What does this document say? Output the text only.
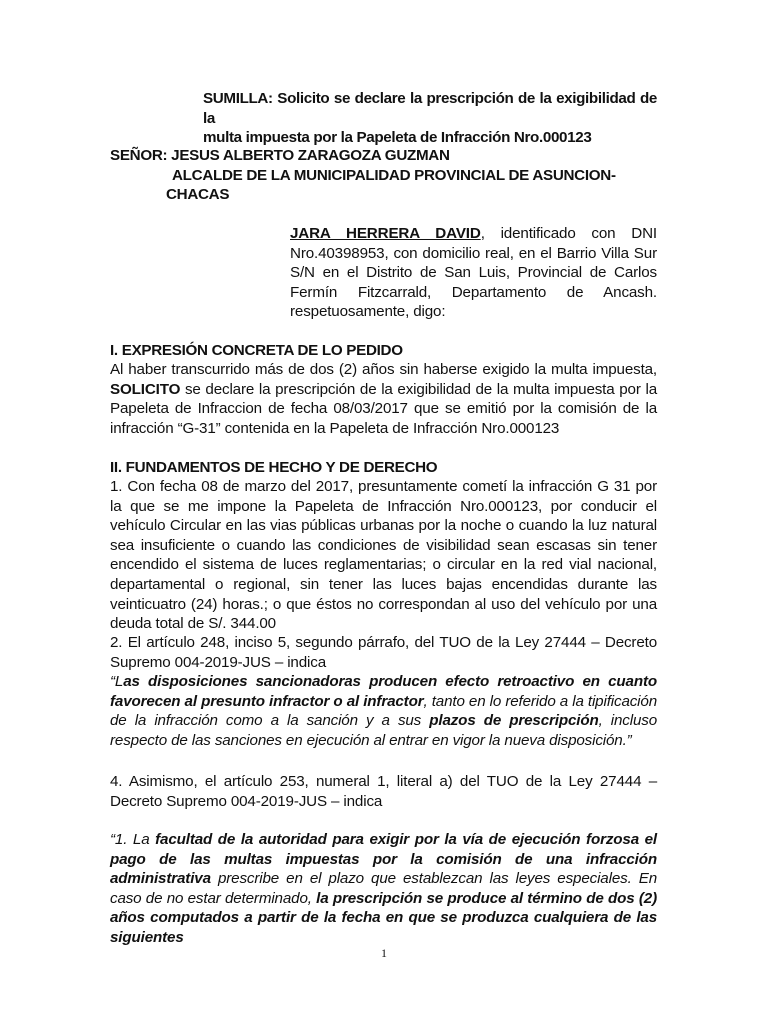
SUMILLA: Solicito se declare la prescripción de la exigibilidad de la
multa impuesta por la Papeleta de Infracción Nro.000123
SEÑOR: JESUS ALBERTO ZARAGOZA GUZMAN
ALCALDE DE LA MUNICIPALIDAD PROVINCIAL DE ASUNCION-
CHACAS
JARA HERRERA DAVID, identificado con DNI Nro.40398953, con domicilio real, en el Barrio Villa Sur S/N en el Distrito de San Luis, Provincial de Carlos Fermín Fitzcarrald, Departamento de Ancash. respetuosamente, digo:
I. EXPRESIÓN CONCRETA DE LO PEDIDO
Al haber transcurrido más de dos (2) años sin haberse exigido la multa impuesta, SOLICITO se declare la prescripción de la exigibilidad de la multa impuesta por la Papeleta de Infraccion de fecha 08/03/2017 que se emitió por la comisión de la infracción “G-31” contenida en la Papeleta de Infracción Nro.000123
II. FUNDAMENTOS DE HECHO Y DE DERECHO
1. Con fecha 08 de marzo del 2017, presuntamente cometí la infracción G 31 por la que se me impone la Papeleta de Infracción Nro.000123, por conducir el vehículo Circular en las vias públicas urbanas por la noche o cuando la luz natural sea insuficiente o cuando las condiciones de visibilidad sean escasas sin tener encendido el sistema de luces reglamentarias; o circular en la red vial nacional, departamental o regional, sin tener las luces bajas encendidas durante las veinticuatro (24) horas.; o que éstos no correspondan al uso del vehículo por una deuda total de S/. 344.00
2. El artículo 248, inciso 5, segundo párrafo, del TUO de la Ley 27444 – Decreto Supremo 004-2019-JUS – indica
“Las disposiciones sancionadoras producen efecto retroactivo en cuanto favorecen al presunto infractor o al infractor, tanto en lo referido a la tipificación de la infracción como a la sanción y a sus plazos de prescripción, incluso respecto de las sanciones en ejecución al entrar en vigor la nueva disposición.”
4. Asimismo, el artículo 253, numeral 1, literal a) del TUO de la Ley 27444 – Decreto Supremo 004-2019-JUS – indica
“1. La facultad de la autoridad para exigir por la vía de ejecución forzosa el pago de las multas impuestas por la comisión de una infracción administrativa prescribe en el plazo que establezcan las leyes especiales. En caso de no estar determinado, la prescripción se produce al término de dos (2) años computados a partir de la fecha en que se produzca cualquiera de las siguientes
1
